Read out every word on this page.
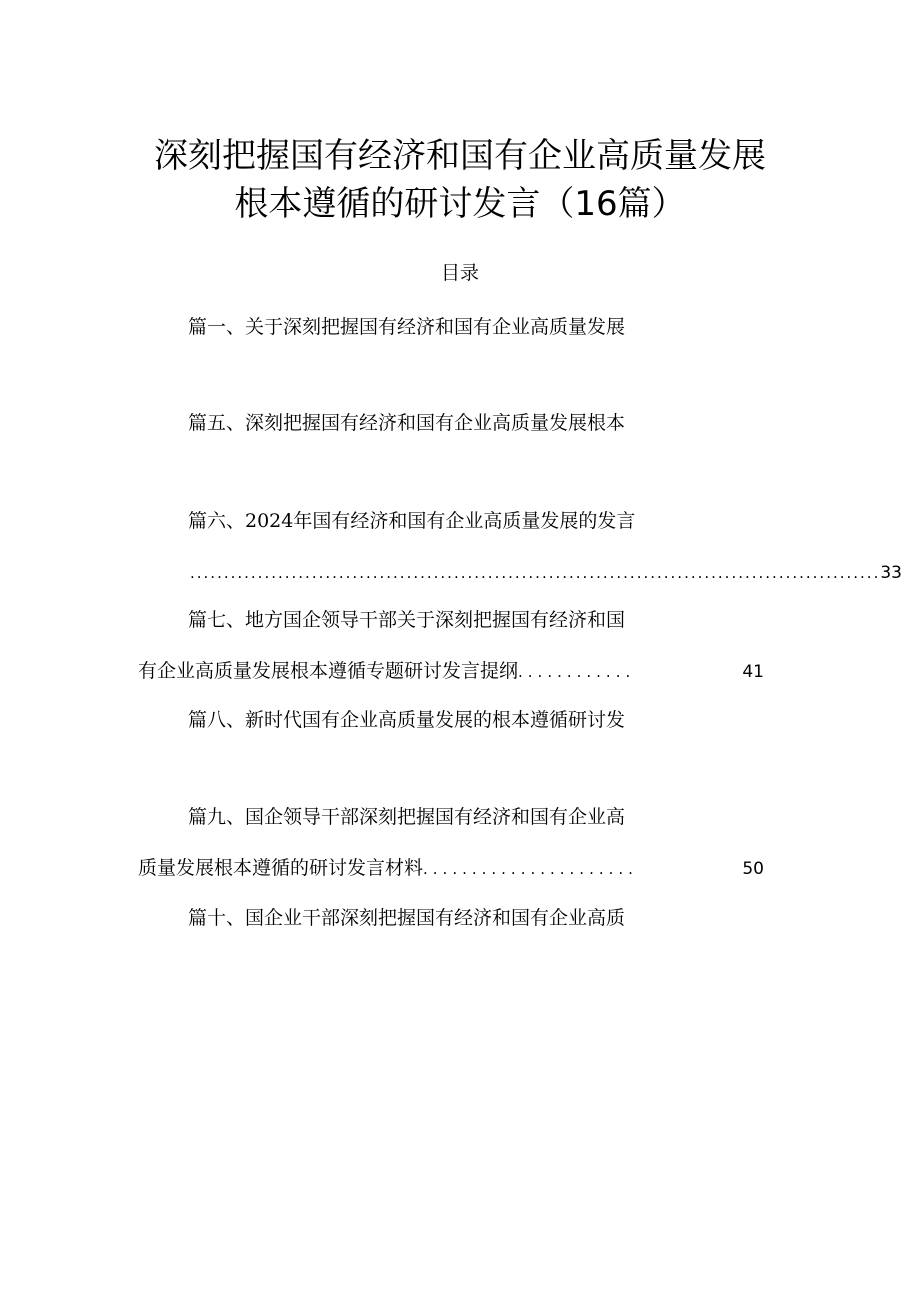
深刻把握国有经济和国有企业高质量发展
根本遵循的研讨发言（16篇）
目录
篇一、关于深刻把握国有经济和国有企业高质量发展
篇五、深刻把握国有经济和国有企业高质量发展根本
篇六、2024年国有经济和国有企业高质量发展的发言
...................................................................................................... 33
篇七、地方国企领导干部关于深刻把握国有经济和国
有企业高质量发展根本遵循专题研讨发言提纲 ............	41
篇八、新时代国有企业高质量发展的根本遵循研讨发
篇九、国企领导干部深刻把握国有经济和国有企业高
质量发展根本遵循的研讨发言材料 ......................	50
篇十、国企业干部深刻把握国有经济和国有企业高质
